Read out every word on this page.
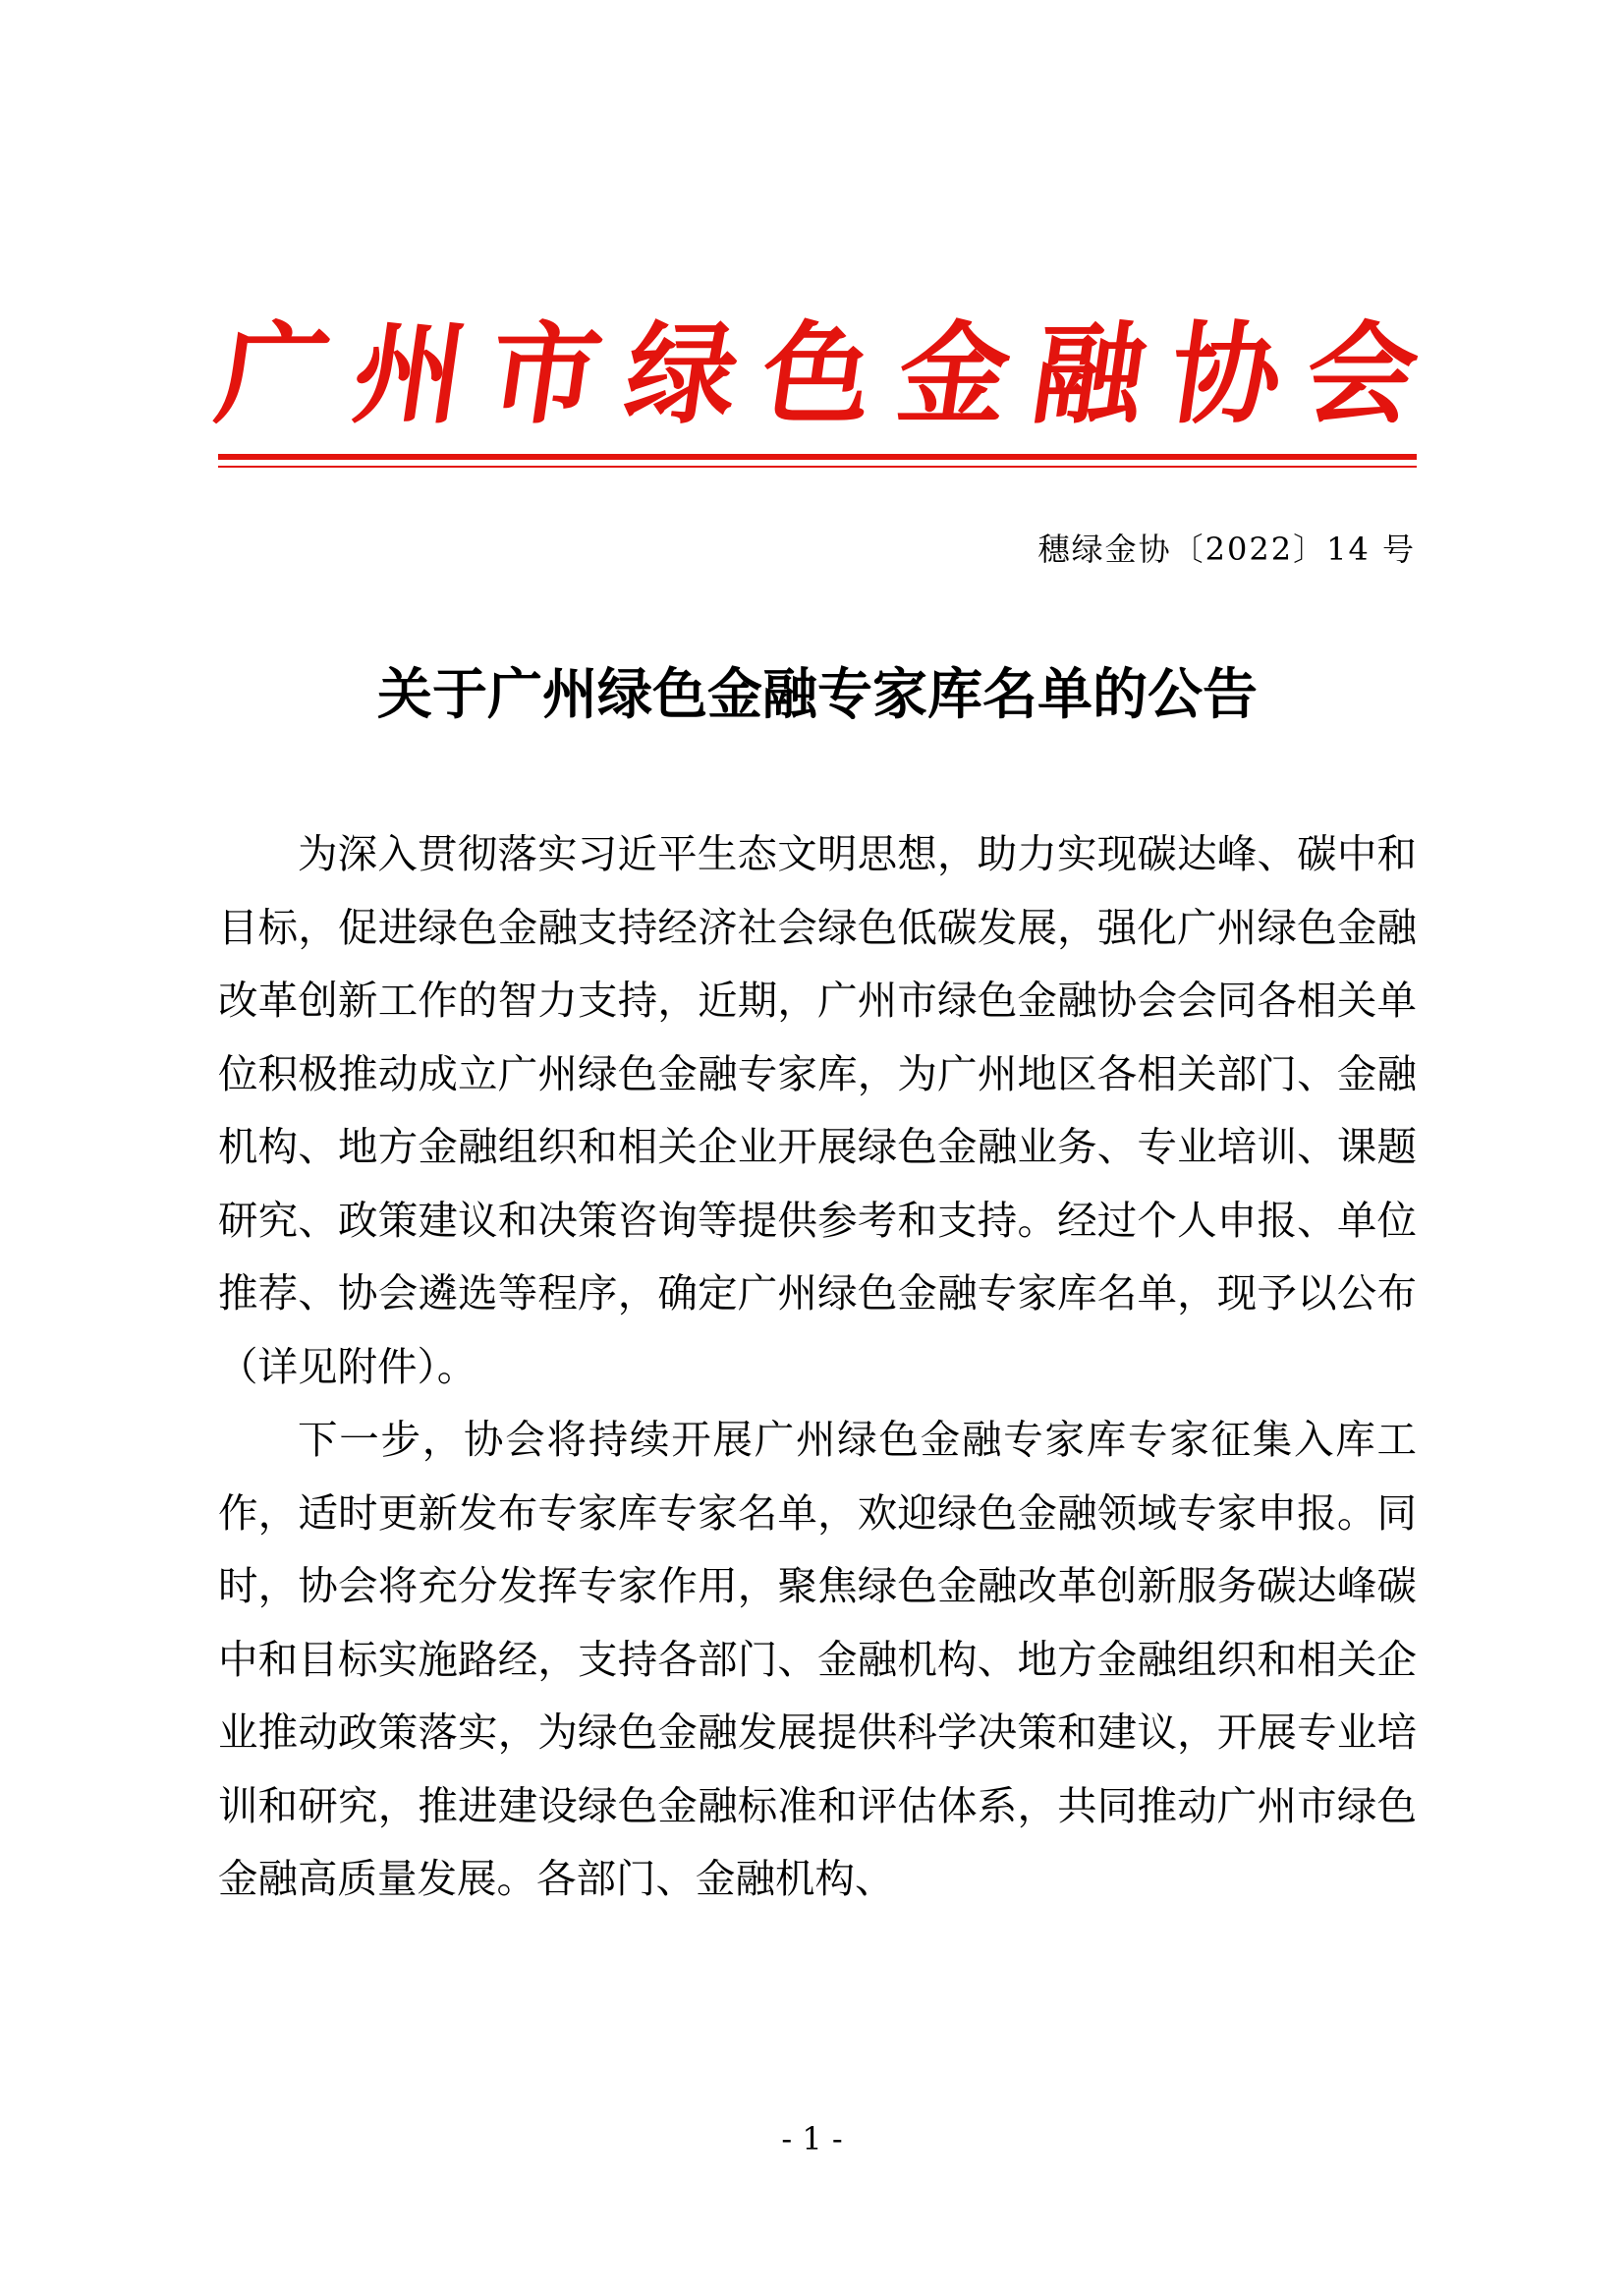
广 州 市 绿 色 金 融 协 会
穗绿金协〔2022〕14 号
关于广州绿色金融专家库名单的公告

为深入贯彻落实习近平生态文明思想，助力实现碳达峰、碳中和目标，促进绿色金融支持经济社会绿色低碳发展，强化广州绿色金融改革创新工作的智力支持，近期，广州市绿色金融协会会同各相关单位积极推动成立广州绿色金融专家库，为广州地区各相关部门、金融机构、地方金融组织和相关企业开展绿色金融业务、专业培训、课题研究、政策建议和决策咨询等提供参考和支持。经过个人申报、单位推荐、协会遴选等程序，确定广州绿色金融专家库名单，现予以公布（详见附件）。

下一步，协会将持续开展广州绿色金融专家库专家征集入库工作，适时更新发布专家库专家名单，欢迎绿色金融领域专家申报。同时，协会将充分发挥专家作用，聚焦绿色金融改革创新服务碳达峰碳中和目标实施路经，支持各部门、金融机构、地方金融组织和相关企业推动政策落实，为绿色金融发展提供科学决策和建议，开展专业培训和研究，推进建设绿色金融标准和评估体系，共同推动广州市绿色金融高质量发展。各部门、金融机构、

- 1 -
